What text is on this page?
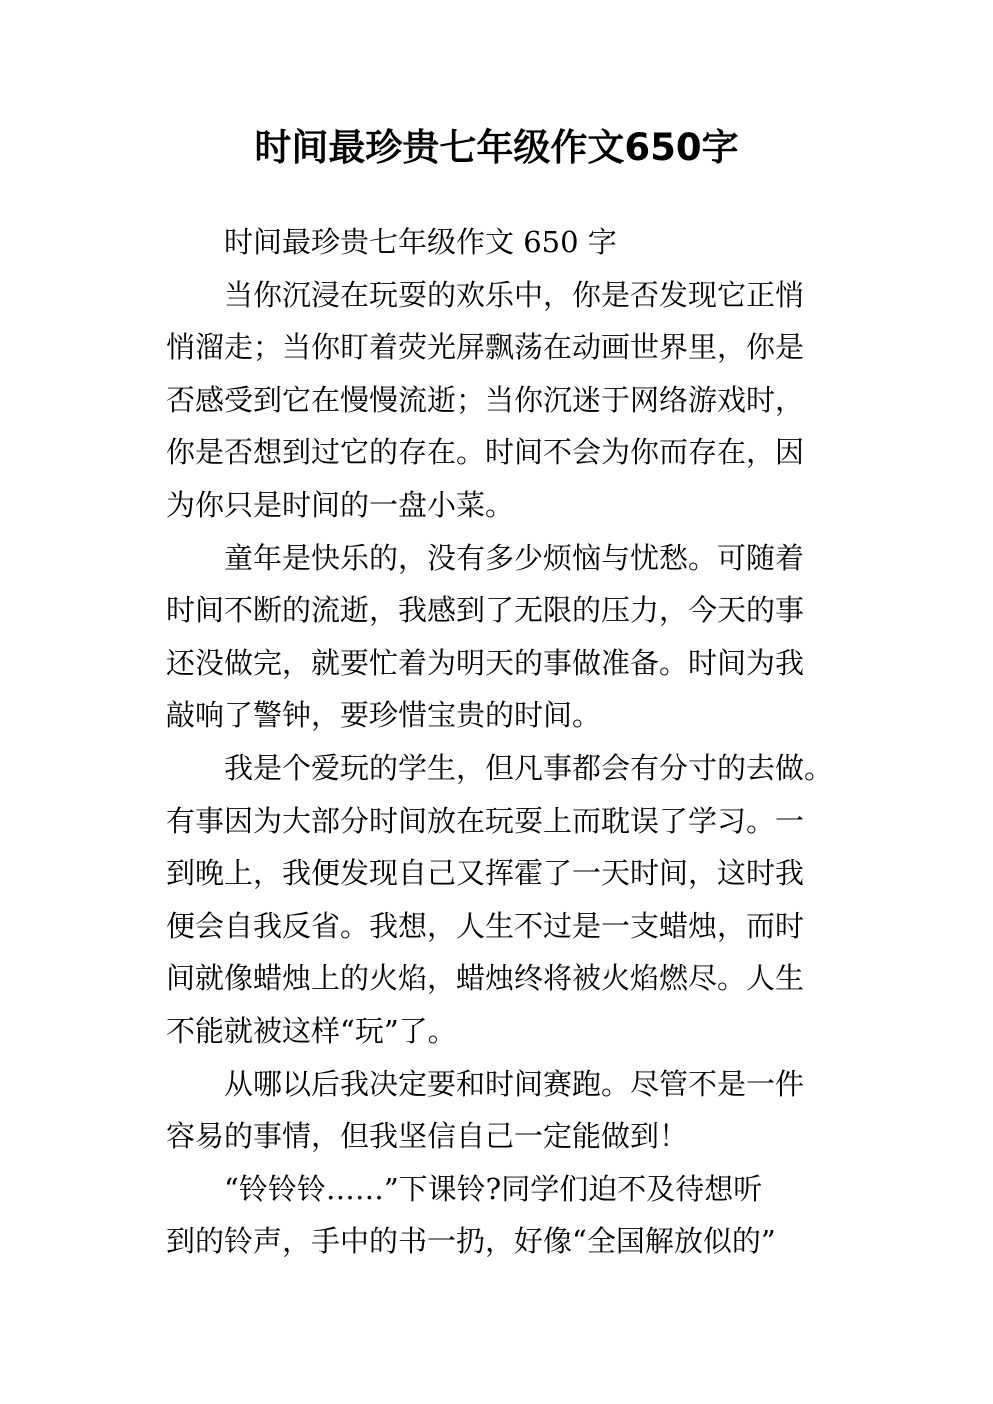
时间最珍贵七年级作文650字
时间最珍贵七年级作文 650 字
当你沉浸在玩耍的欢乐中，你是否发现它正悄
悄溜走；当你盯着荧光屏飘荡在动画世界里，你是
否感受到它在慢慢流逝；当你沉迷于网络游戏时，
你是否想到过它的存在。时间不会为你而存在，因
为你只是时间的一盘小菜。
童年是快乐的，没有多少烦恼与忧愁。可随着
时间不断的流逝，我感到了无限的压力，今天的事
还没做完，就要忙着为明天的事做准备。时间为我
敲响了警钟，要珍惜宝贵的时间。
我是个爱玩的学生，但凡事都会有分寸的去做。
有事因为大部分时间放在玩耍上而耽误了学习。一
到晚上，我便发现自己又挥霍了一天时间，这时我
便会自我反省。我想，人生不过是一支蜡烛，而时
间就像蜡烛上的火焰，蜡烛终将被火焰燃尽。人生
不能就被这样“玩”了。
从哪以后我决定要和时间赛跑。尽管不是一件
容易的事情，但我坚信自己一定能做到！
“铃铃铃……”下课铃?同学们迫不及待想听
到的铃声，手中的书一扔，好像“全国解放似的”
